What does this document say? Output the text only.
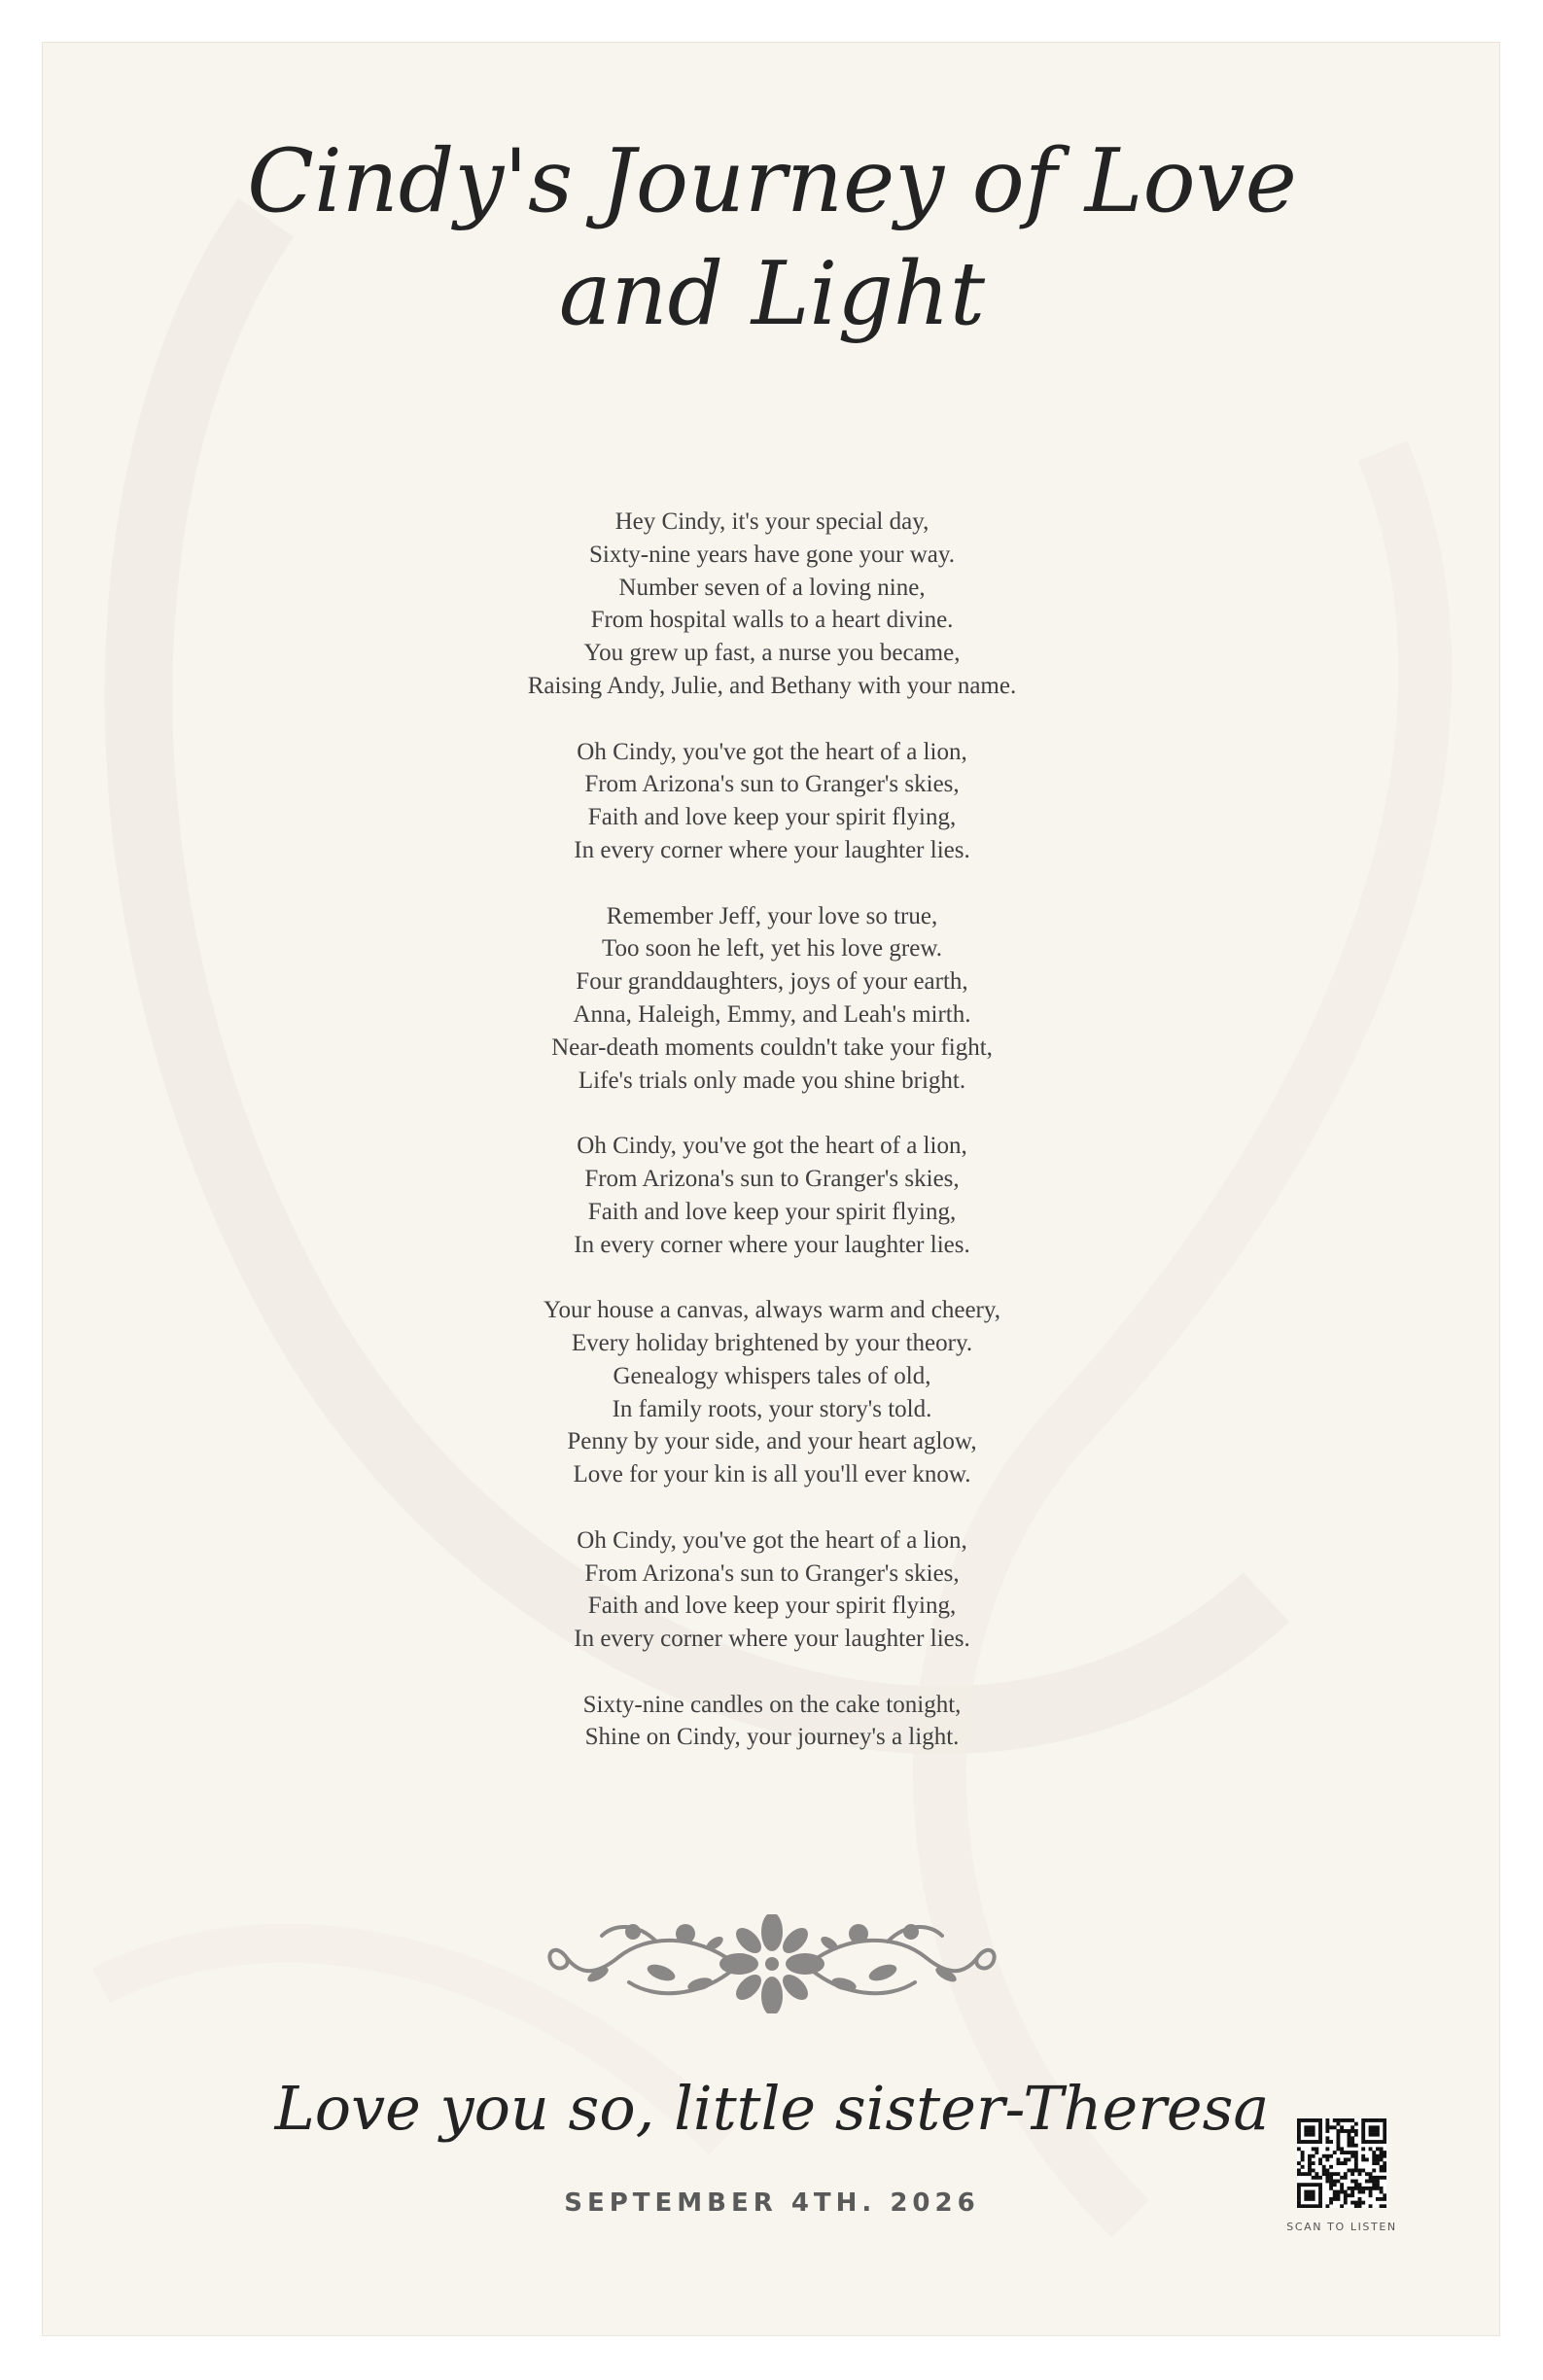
Cindy's Journey of Love and Light

Hey Cindy, it's your special day,
Sixty-nine years have gone your way.
Number seven of a loving nine,
From hospital walls to a heart divine.
You grew up fast, a nurse you became,
Raising Andy, Julie, and Bethany with your name.

Oh Cindy, you've got the heart of a lion,
From Arizona's sun to Granger's skies,
Faith and love keep your spirit flying,
In every corner where your laughter lies.

Remember Jeff, your love so true,
Too soon he left, yet his love grew.
Four granddaughters, joys of your earth,
Anna, Haleigh, Emmy, and Leah's mirth.
Near-death moments couldn't take your fight,
Life's trials only made you shine bright.

Oh Cindy, you've got the heart of a lion,
From Arizona's sun to Granger's skies,
Faith and love keep your spirit flying,
In every corner where your laughter lies.

Your house a canvas, always warm and cheery,
Every holiday brightened by your theory.
Genealogy whispers tales of old,
In family roots, your story's told.
Penny by your side, and your heart aglow,
Love for your kin is all you'll ever know.

Oh Cindy, you've got the heart of a lion,
From Arizona's sun to Granger's skies,
Faith and love keep your spirit flying,
In every corner where your laughter lies.

Sixty-nine candles on the cake tonight,
Shine on Cindy, your journey's a light.

Love you so, little sister-Theresa

SEPTEMBER 4TH. 2026
SCAN TO LISTEN
